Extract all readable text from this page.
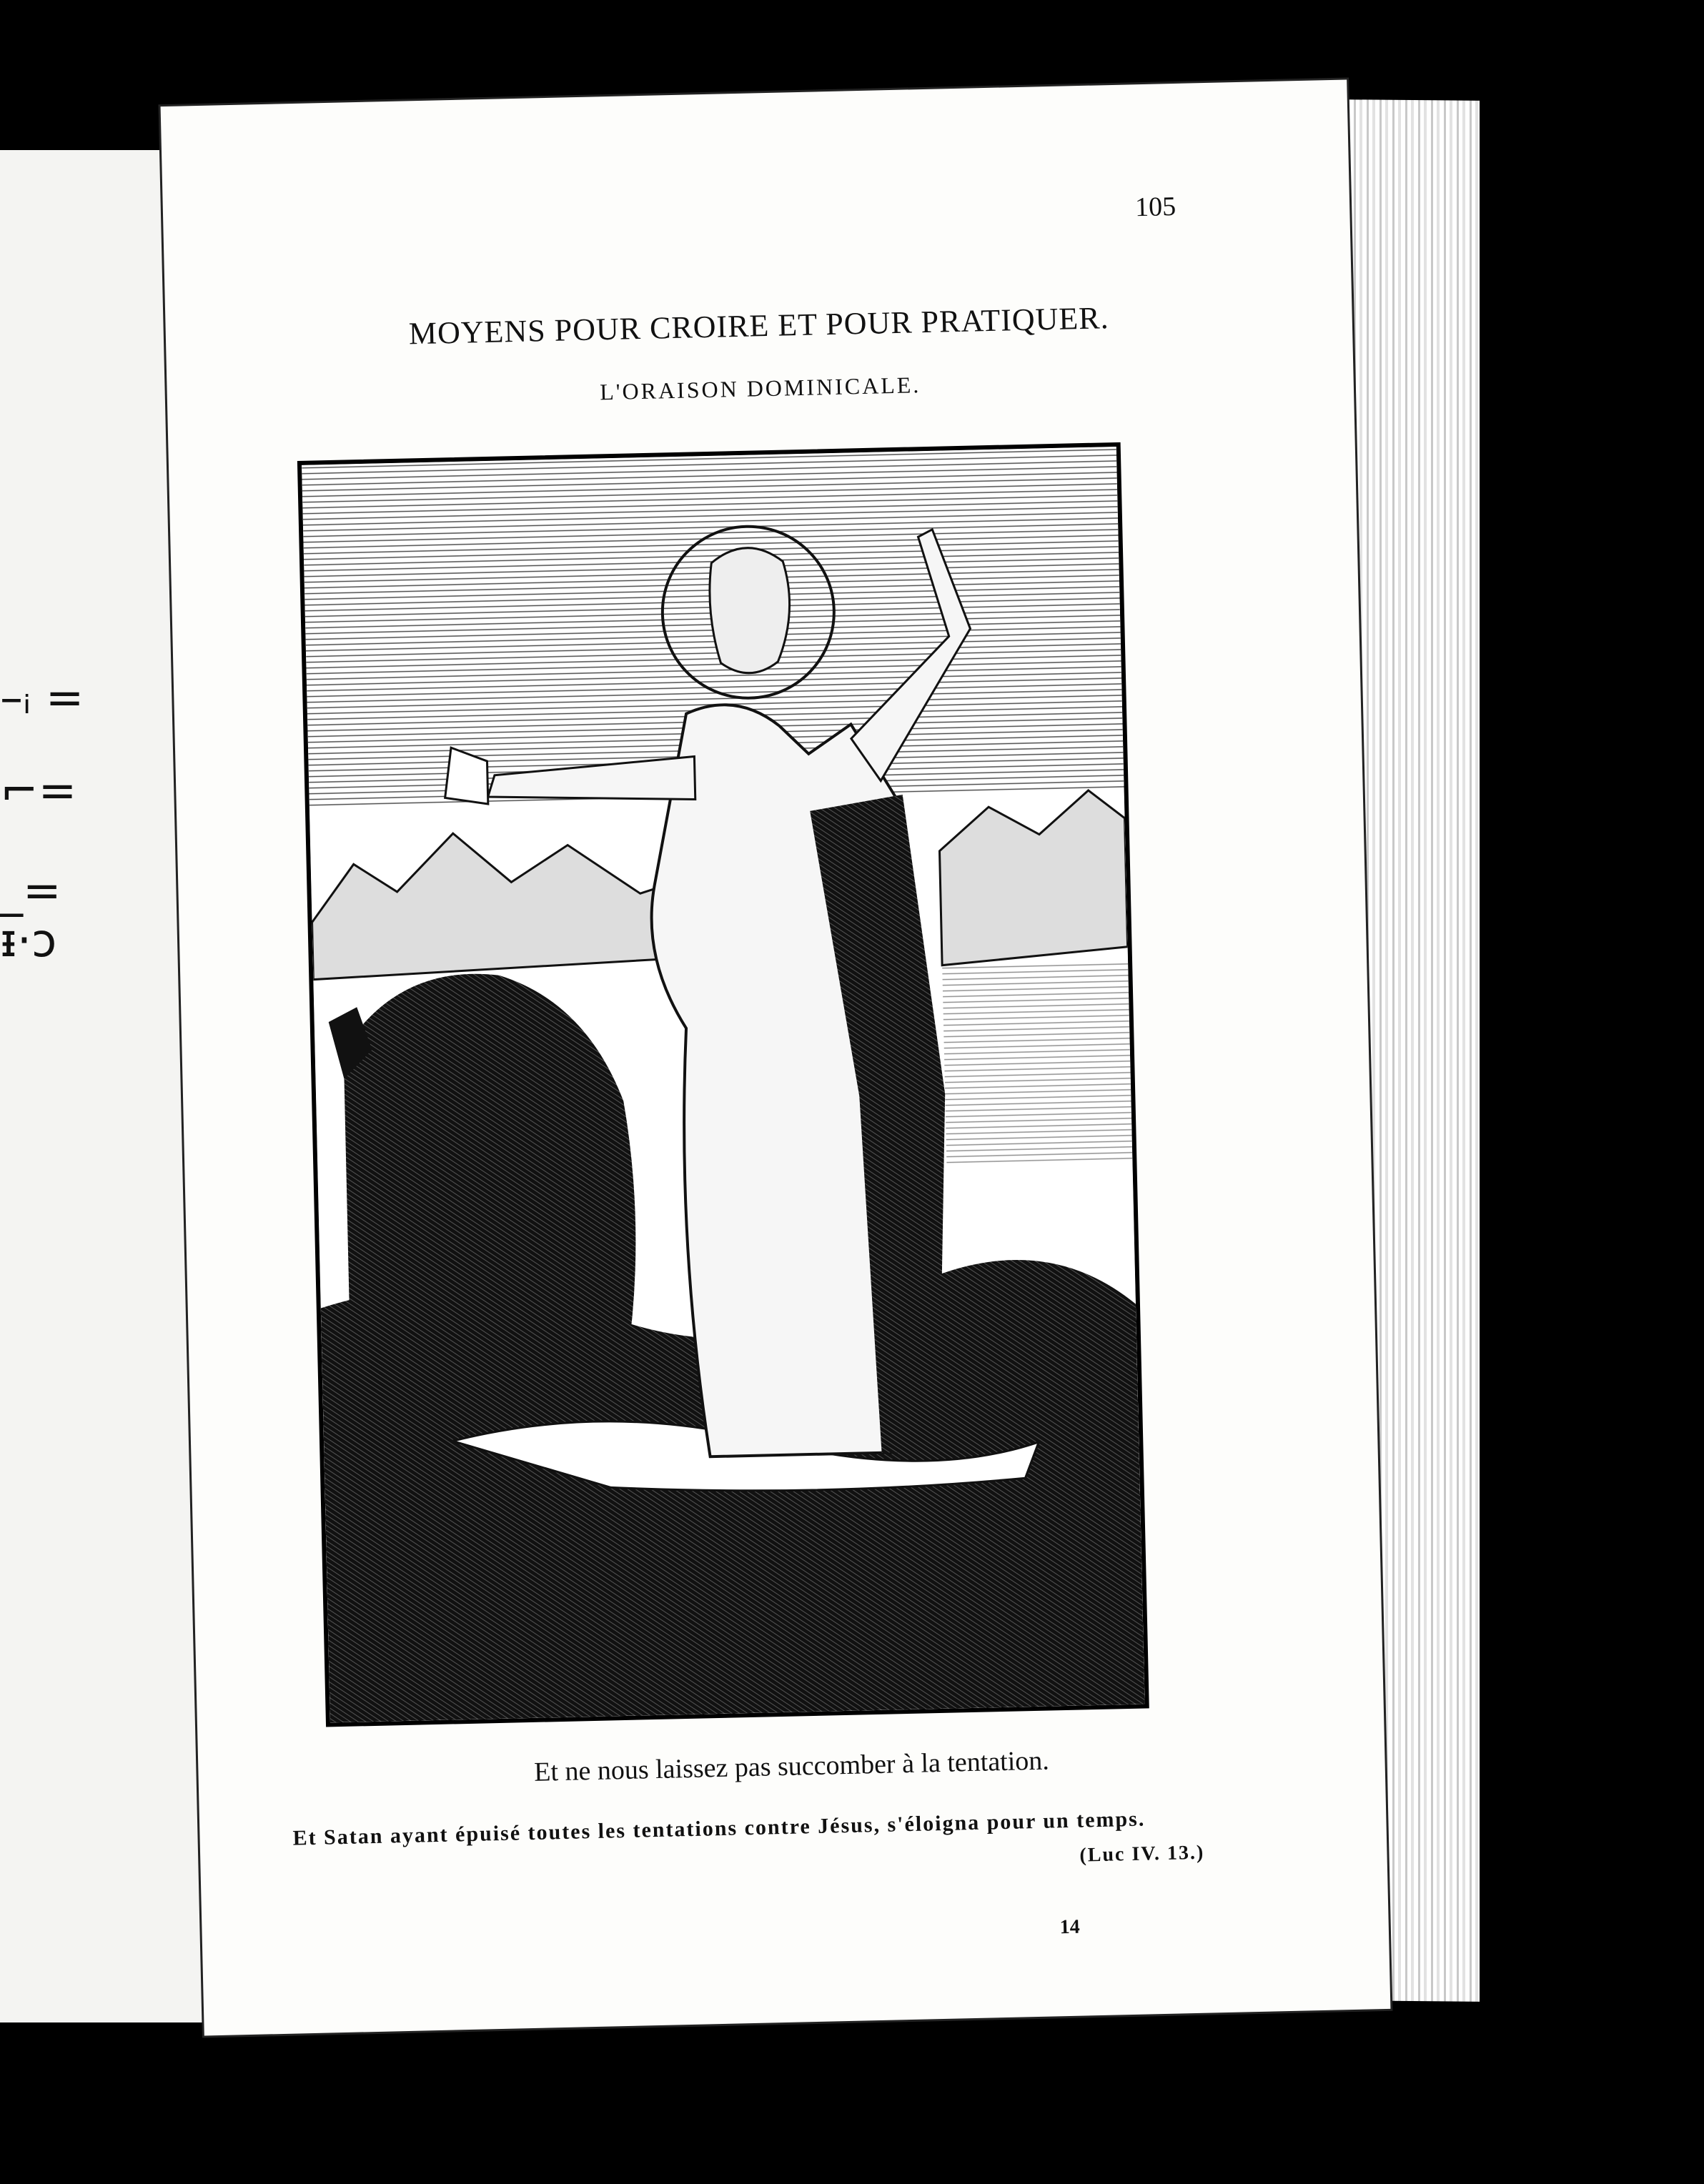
–ᵢ =
⌐=
_=
ᵻ·ↄ
105
MOYENS POUR CROIRE ET POUR PRATIQUER.
L'ORAISON DOMINICALE.
Et ne nous laissez pas succomber à la tentation.
Et Satan ayant épuisé toutes les tentations contre Jésus, s'éloigna pour un temps.
(Luc IV. 13.)
14
